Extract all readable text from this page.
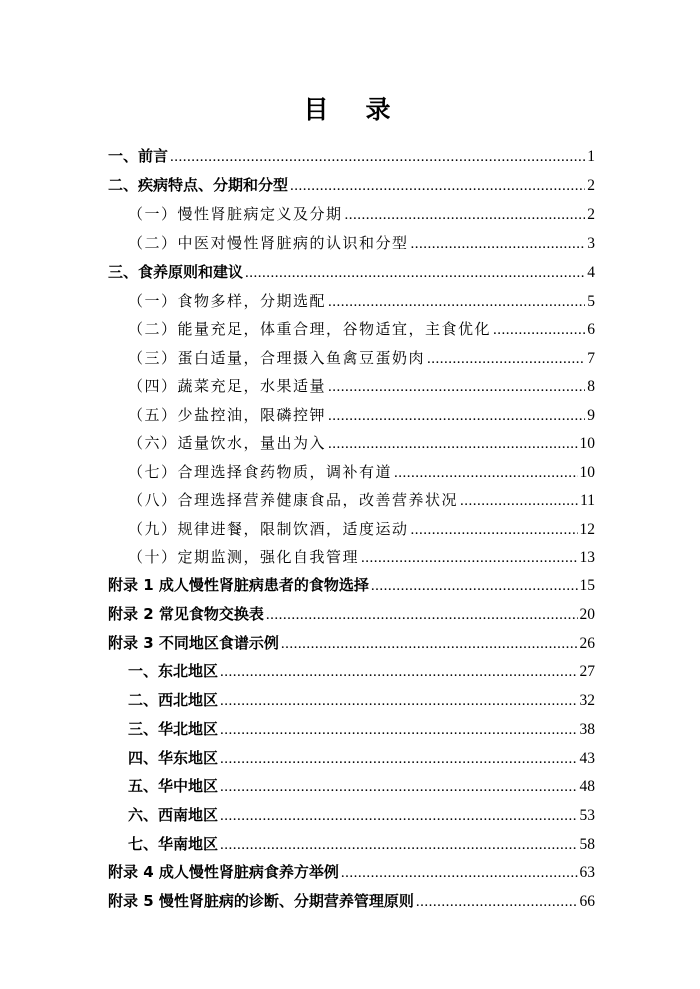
目　录
一、前言 .....	1
二、疾病特点、分期和分型 .....	2
（一）慢性肾脏病定义及分期 .....	2
（二）中医对慢性肾脏病的认识和分型 .....	3
三、食养原则和建议 .....	4
（一）食物多样，分期选配 .....	5
（二）能量充足，体重合理，谷物适宜，主食优化 .....	6
（三）蛋白适量，合理摄入鱼禽豆蛋奶肉 .....	7
（四）蔬菜充足，水果适量 .....	8
（五）少盐控油，限磷控钾 .....	9
（六）适量饮水，量出为入 .....	10
（七）合理选择食药物质，调补有道 .....	10
（八）合理选择营养健康食品，改善营养状况 .....	11
（九）规律进餐，限制饮酒，适度运动 .....	12
（十）定期监测，强化自我管理 .....	13
附录 1 成人慢性肾脏病患者的食物选择 .....	15
附录 2 常见食物交换表 .....	20
附录 3 不同地区食谱示例 .....	26
一、东北地区 .....	27
二、西北地区 .....	32
三、华北地区 .....	38
四、华东地区 .....	43
五、华中地区 .....	48
六、西南地区 .....	53
七、华南地区 .....	58
附录 4 成人慢性肾脏病食养方举例 .....	63
附录 5 慢性肾脏病的诊断、分期营养管理原则 .....	66
